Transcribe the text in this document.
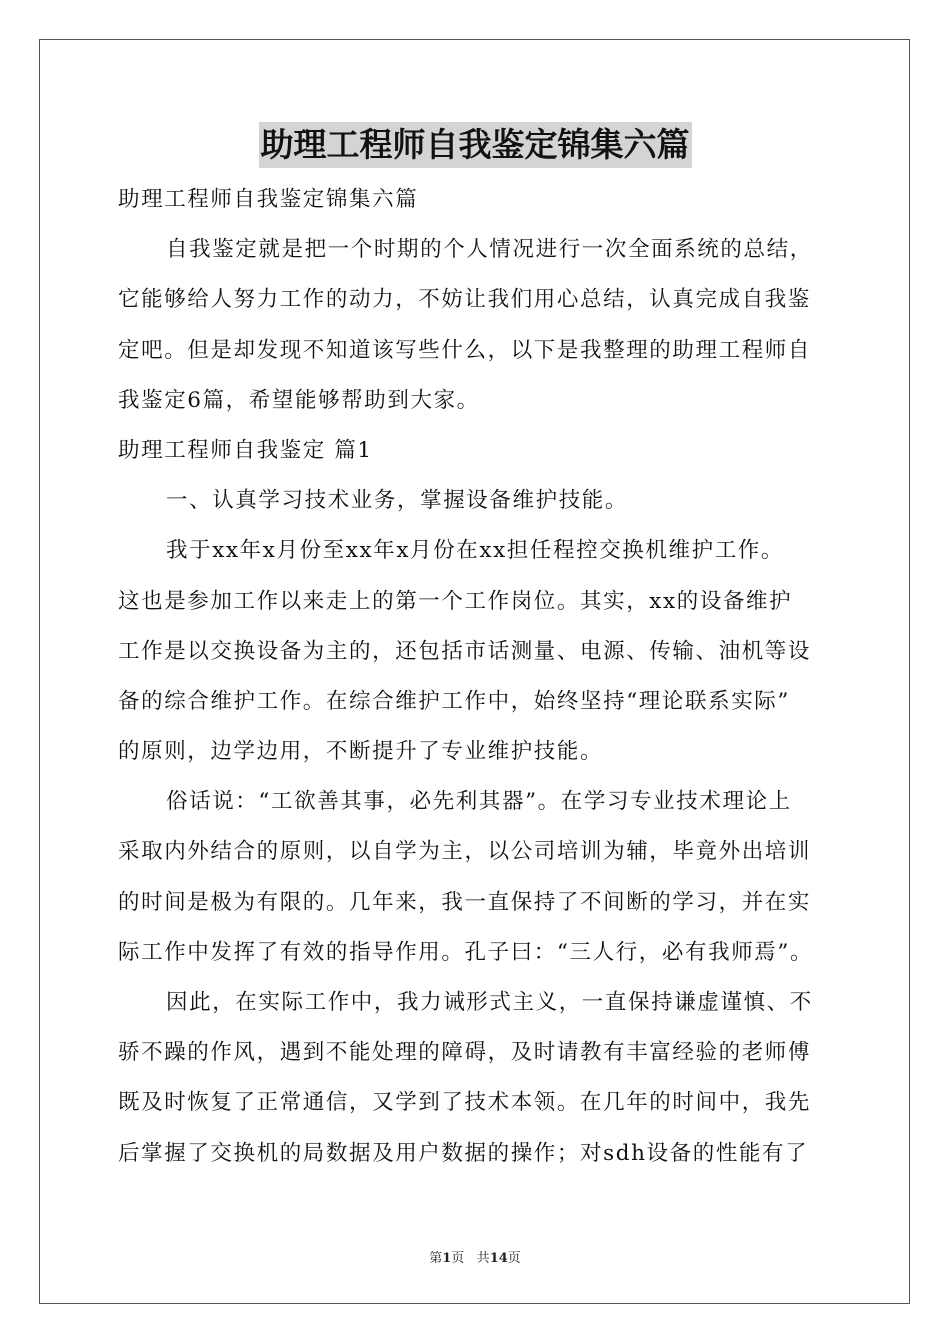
助理工程师自我鉴定锦集六篇
助理工程师自我鉴定锦集六篇
自我鉴定就是把一个时期的个人情况进行一次全面系统的总结，
它能够给人努力工作的动力，不妨让我们用心总结，认真完成自我鉴
定吧。但是却发现不知道该写些什么，以下是我整理的助理工程师自
我鉴定6篇，希望能够帮助到大家。
助理工程师自我鉴定 篇1
一、认真学习技术业务，掌握设备维护技能。
我于xx年x月份至xx年x月份在xx担任程控交换机维护工作。
这也是参加工作以来走上的第一个工作岗位。其实，xx的设备维护
工作是以交换设备为主的，还包括市话测量、电源、传输、油机等设
备的综合维护工作。在综合维护工作中，始终坚持“理论联系实际”
的原则，边学边用，不断提升了专业维护技能。
俗话说：“工欲善其事，必先利其器”。在学习专业技术理论上
采取内外结合的原则，以自学为主，以公司培训为辅，毕竟外出培训
的时间是极为有限的。几年来，我一直保持了不间断的学习，并在实
际工作中发挥了有效的指导作用。孔子曰：“三人行，必有我师焉”。
因此，在实际工作中，我力诫形式主义，一直保持谦虚谨慎、不
骄不躁的作风，遇到不能处理的障碍，及时请教有丰富经验的老师傅
既及时恢复了正常通信，又学到了技术本领。在几年的时间中，我先
后掌握了交换机的局数据及用户数据的操作；对sdh设备的性能有了
第1页 共14页
